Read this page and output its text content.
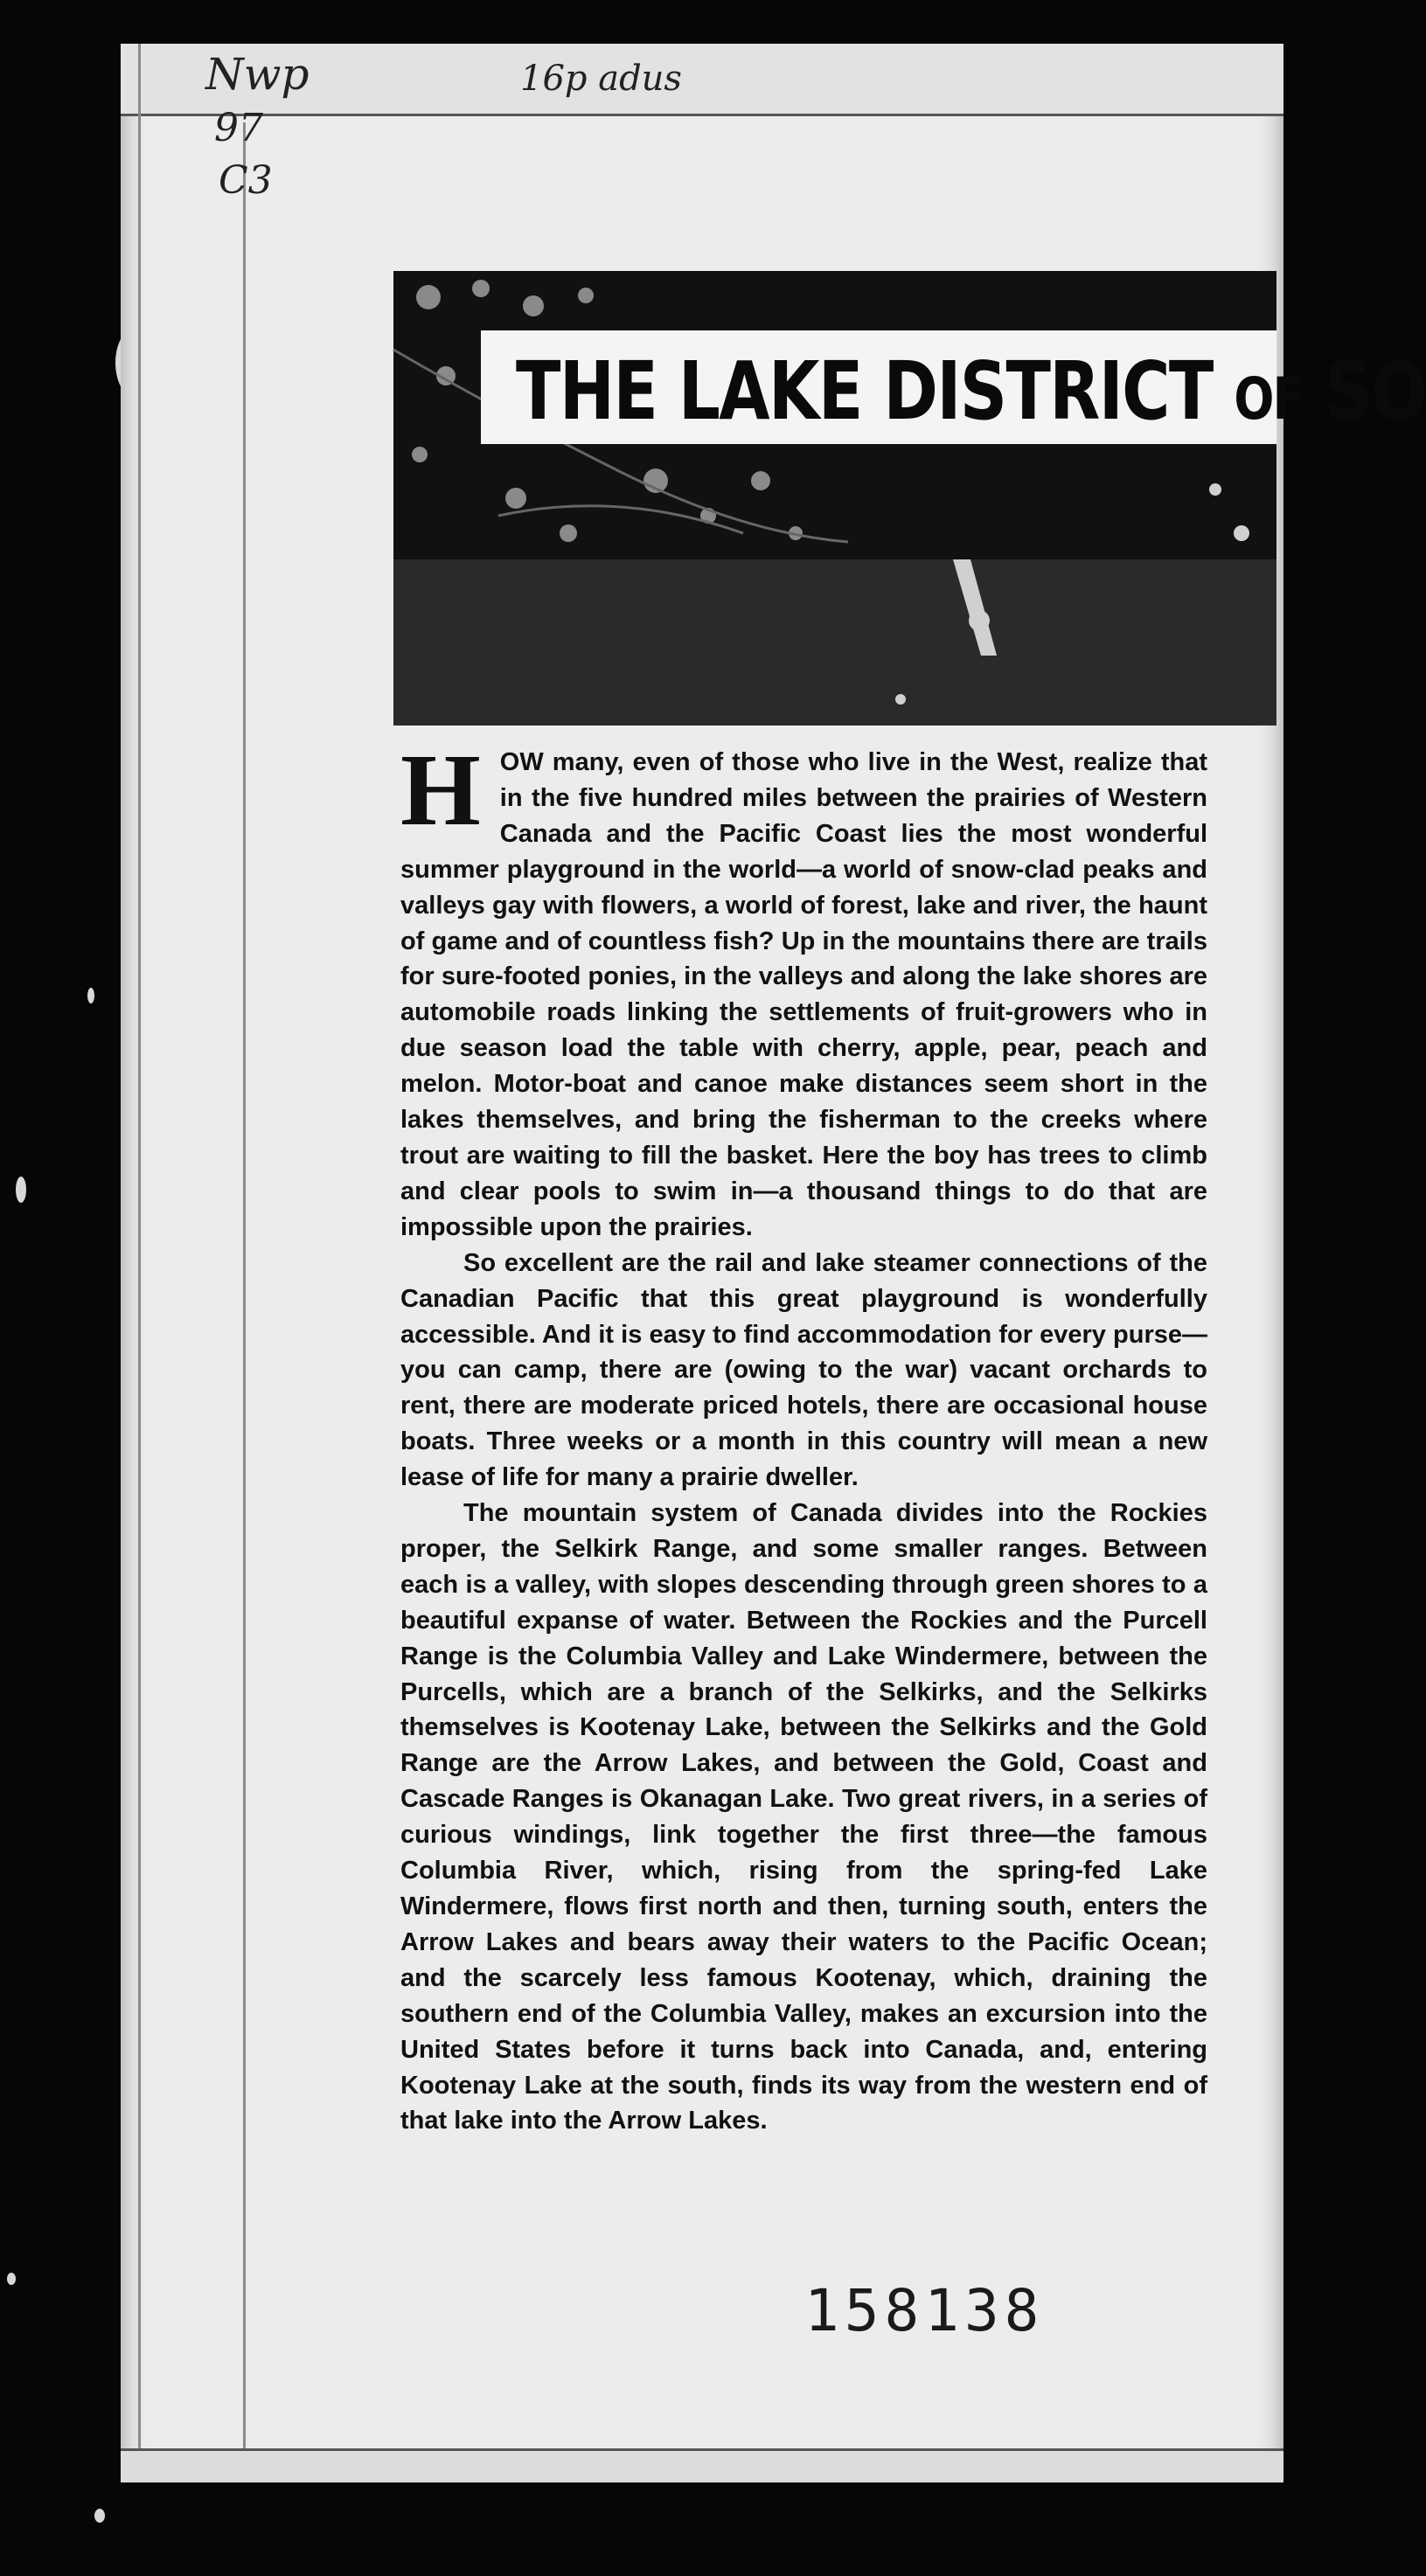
Nwp	16p adus
97
C3
THE LAKE DISTRICT OF SO

HOW many, even of those who live in the West, realize that in the five hundred miles between the prairies of Western Canada and the Pacific Coast lies the most wonderful summer playground in the world—a world of snow-clad peaks and valleys gay with flowers, a world of forest, lake and river, the haunt of game and of countless fish? Up in the mountains there are trails for sure-footed ponies, in the valleys and along the lake shores are automobile roads linking the settlements of fruit-growers who in due season load the table with cherry, apple, pear, peach and melon. Motor-boat and canoe make distances seem short in the lakes themselves, and bring the fisherman to the creeks where trout are waiting to fill the basket. Here the boy has trees to climb and clear pools to swim in—a thousand things to do that are impossible upon the prairies.

So excellent are the rail and lake steamer connections of the Canadian Pacific that this great playground is wonderfully accessible. And it is easy to find accommodation for every purse—you can camp, there are (owing to the war) vacant orchards to rent, there are moderate priced hotels, there are occasional house boats. Three weeks or a month in this country will mean a new lease of life for many a prairie dweller.

The mountain system of Canada divides into the Rockies proper, the Selkirk Range, and some smaller ranges. Between each is a valley, with slopes descending through green shores to a beautiful expanse of water. Between the Rockies and the Purcell Range is the Columbia Valley and Lake Windermere, between the Purcells, which are a branch of the Selkirks, and the Selkirks themselves is Kootenay Lake, between the Selkirks and the Gold Range are the Arrow Lakes, and between the Gold, Coast and Cascade Ranges is Okanagan Lake. Two great rivers, in a series of curious windings, link together the first three—the famous Columbia River, which, rising from the spring-fed Lake Windermere, flows first north and then, turning south, enters the Arrow Lakes and bears away their waters to the Pacific Ocean; and the scarcely less famous Kootenay, which, draining the southern end of the Columbia Valley, makes an excursion into the United States before it turns back into Canada, and, entering Kootenay Lake at the south, finds its way from the western end of that lake into the Arrow Lakes.

158138
